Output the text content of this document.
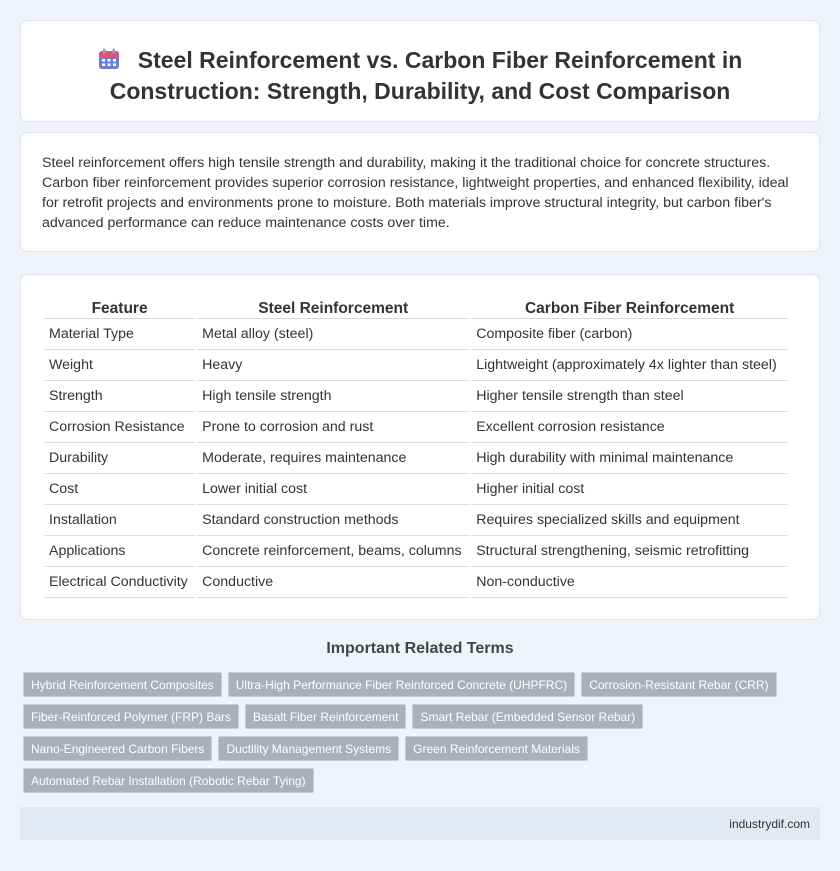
Steel Reinforcement vs. Carbon Fiber Reinforcement in Construction: Strength, Durability, and Cost Comparison

Steel reinforcement offers high tensile strength and durability, making it the traditional choice for concrete structures. Carbon fiber reinforcement provides superior corrosion resistance, lightweight properties, and enhanced flexibility, ideal for retrofit projects and environments prone to moisture. Both materials improve structural integrity, but carbon fiber's advanced performance can reduce maintenance costs over time.

Feature	Steel Reinforcement	Carbon Fiber Reinforcement
Material Type	Metal alloy (steel)	Composite fiber (carbon)
Weight	Heavy	Lightweight (approximately 4x lighter than steel)
Strength	High tensile strength	Higher tensile strength than steel
Corrosion Resistance	Prone to corrosion and rust	Excellent corrosion resistance
Durability	Moderate, requires maintenance	High durability with minimal maintenance
Cost	Lower initial cost	Higher initial cost
Installation	Standard construction methods	Requires specialized skills and equipment
Applications	Concrete reinforcement, beams, columns	Structural strengthening, seismic retrofitting
Electrical Conductivity	Conductive	Non-conductive
Important Related Terms
Hybrid Reinforcement Composites Ultra-High Performance Fiber Reinforced Concrete (UHPFRC) Corrosion-Resistant Rebar (CRR)
Fiber-Reinforced Polymer (FRP) Bars Basalt Fiber Reinforcement Smart Rebar (Embedded Sensor Rebar)
Nano-Engineered Carbon Fibers Ductility Management Systems Green Reinforcement Materials
Automated Rebar Installation (Robotic Rebar Tying)
industrydif.com
